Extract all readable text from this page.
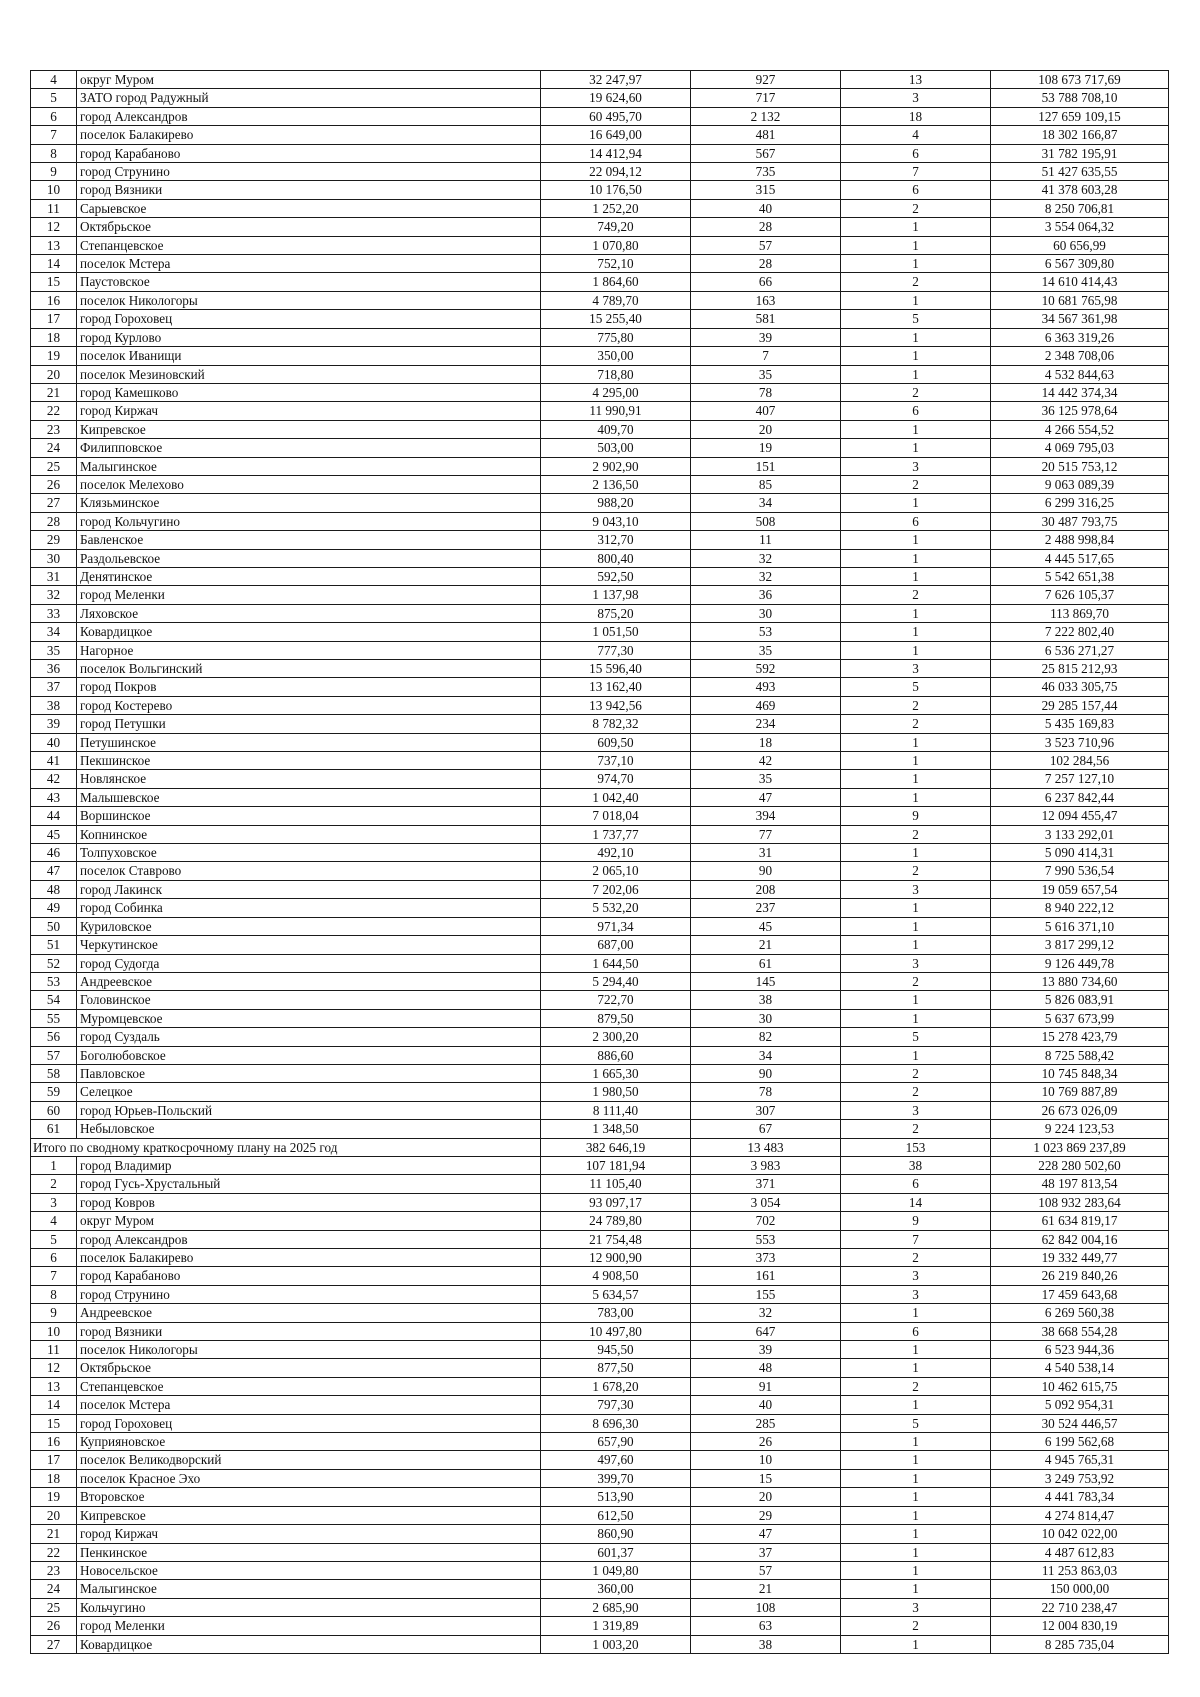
4	округ Муром	32 247,97	927	13	108 673 717,69
5	ЗАТО город Радужный	19 624,60	717	3	53 788 708,10
6	город Александров	60 495,70	2 132	18	127 659 109,15
7	поселок Балакирево	16 649,00	481	4	18 302 166,87
8	город Карабаново	14 412,94	567	6	31 782 195,91
9	город Струнино	22 094,12	735	7	51 427 635,55
10	город Вязники	10 176,50	315	6	41 378 603,28
11	Сарыевское	1 252,20	40	2	8 250 706,81
12	Октябрьское	749,20	28	1	3 554 064,32
13	Степанцевское	1 070,80	57	1	60 656,99
14	поселок Мстера	752,10	28	1	6 567 309,80
15	Паустовское	1 864,60	66	2	14 610 414,43
16	поселок Никологоры	4 789,70	163	1	10 681 765,98
17	город Гороховец	15 255,40	581	5	34 567 361,98
18	город Курлово	775,80	39	1	6 363 319,26
19	поселок Иванищи	350,00	7	1	2 348 708,06
20	поселок Мезиновский	718,80	35	1	4 532 844,63
21	город Камешково	4 295,00	78	2	14 442 374,34
22	город Киржач	11 990,91	407	6	36 125 978,64
23	Кипревское	409,70	20	1	4 266 554,52
24	Филипповское	503,00	19	1	4 069 795,03
25	Малыгинское	2 902,90	151	3	20 515 753,12
26	поселок Мелехово	2 136,50	85	2	9 063 089,39
27	Клязьминское	988,20	34	1	6 299 316,25
28	город Кольчугино	9 043,10	508	6	30 487 793,75
29	Бавленское	312,70	11	1	2 488 998,84
30	Раздольевское	800,40	32	1	4 445 517,65
31	Денятинское	592,50	32	1	5 542 651,38
32	город Меленки	1 137,98	36	2	7 626 105,37
33	Ляховское	875,20	30	1	113 869,70
34	Ковардицкое	1 051,50	53	1	7 222 802,40
35	Нагорное	777,30	35	1	6 536 271,27
36	поселок Вольгинский	15 596,40	592	3	25 815 212,93
37	город Покров	13 162,40	493	5	46 033 305,75
38	город Костерево	13 942,56	469	2	29 285 157,44
39	город Петушки	8 782,32	234	2	5 435 169,83
40	Петушинское	609,50	18	1	3 523 710,96
41	Пекшинское	737,10	42	1	102 284,56
42	Новлянское	974,70	35	1	7 257 127,10
43	Малышевское	1 042,40	47	1	6 237 842,44
44	Воршинское	7 018,04	394	9	12 094 455,47
45	Копнинское	1 737,77	77	2	3 133 292,01
46	Толпуховское	492,10	31	1	5 090 414,31
47	поселок Ставрово	2 065,10	90	2	7 990 536,54
48	город Лакинск	7 202,06	208	3	19 059 657,54
49	город Собинка	5 532,20	237	1	8 940 222,12
50	Куриловское	971,34	45	1	5 616 371,10
51	Черкутинское	687,00	21	1	3 817 299,12
52	город Судогда	1 644,50	61	3	9 126 449,78
53	Андреевское	5 294,40	145	2	13 880 734,60
54	Головинское	722,70	38	1	5 826 083,91
55	Муромцевское	879,50	30	1	5 637 673,99
56	город Суздаль	2 300,20	82	5	15 278 423,79
57	Боголюбовское	886,60	34	1	8 725 588,42
58	Павловское	1 665,30	90	2	10 745 848,34
59	Селецкое	1 980,50	78	2	10 769 887,89
60	город Юрьев-Польский	8 111,40	307	3	26 673 026,09
61	Небыловское	1 348,50	67	2	9 224 123,53
Итого по сводному краткосрочному плану на 2025 год		382 646,19	13 483	153	1 023 869 237,89
1	город Владимир	107 181,94	3 983	38	228 280 502,60
2	город Гусь-Хрустальный	11 105,40	371	6	48 197 813,54
3	город Ковров	93 097,17	3 054	14	108 932 283,64
4	округ Муром	24 789,80	702	9	61 634 819,17
5	город Александров	21 754,48	553	7	62 842 004,16
6	поселок Балакирево	12 900,90	373	2	19 332 449,77
7	город Карабаново	4 908,50	161	3	26 219 840,26
8	город Струнино	5 634,57	155	3	17 459 643,68
9	Андреевское	783,00	32	1	6 269 560,38
10	город Вязники	10 497,80	647	6	38 668 554,28
11	поселок Никологоры	945,50	39	1	6 523 944,36
12	Октябрьское	877,50	48	1	4 540 538,14
13	Степанцевское	1 678,20	91	2	10 462 615,75
14	поселок Мстера	797,30	40	1	5 092 954,31
15	город Гороховец	8 696,30	285	5	30 524 446,57
16	Куприяновское	657,90	26	1	6 199 562,68
17	поселок Великодворский	497,60	10	1	4 945 765,31
18	поселок Красное Эхо	399,70	15	1	3 249 753,92
19	Второвское	513,90	20	1	4 441 783,34
20	Кипревское	612,50	29	1	4 274 814,47
21	город Киржач	860,90	47	1	10 042 022,00
22	Пенкинское	601,37	37	1	4 487 612,83
23	Новосельское	1 049,80	57	1	11 253 863,03
24	Малыгинское	360,00	21	1	150 000,00
25	Кольчугино	2 685,90	108	3	22 710 238,47
26	город Меленки	1 319,89	63	2	12 004 830,19
27	Ковардицкое	1 003,20	38	1	8 285 735,04
